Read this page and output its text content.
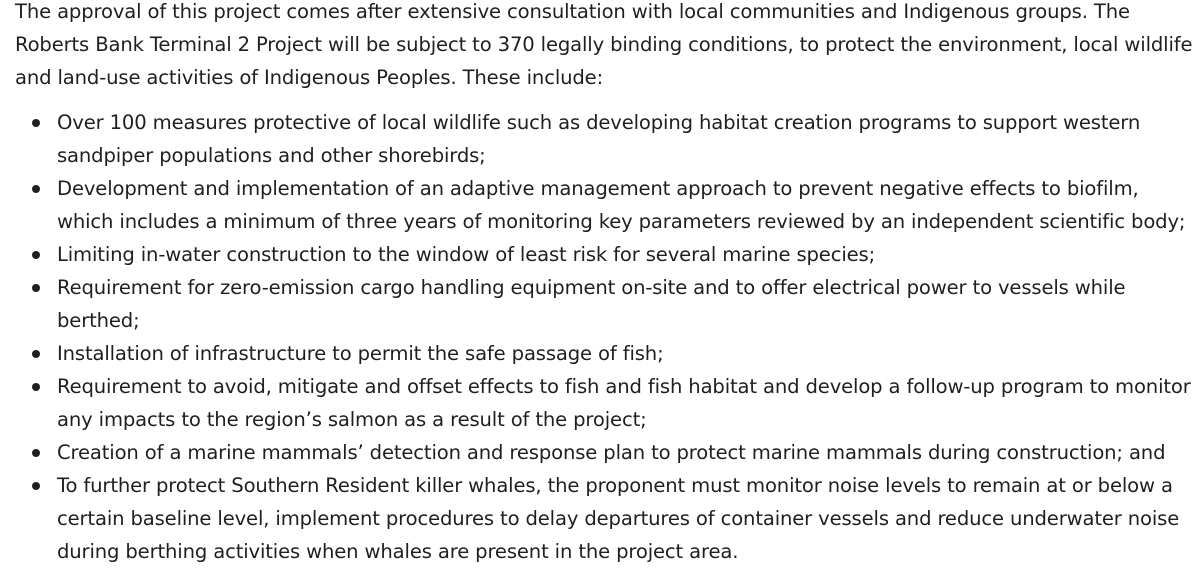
The approval of this project comes after extensive consultation with local communities and Indigenous groups. The Roberts Bank Terminal 2 Project will be subject to 370 legally binding conditions, to protect the environment, local wildlife and land-use activities of Indigenous Peoples. These include:

Over 100 measures protective of local wildlife such as developing habitat creation programs to support western sandpiper populations and other shorebirds;
Development and implementation of an adaptive management approach to prevent negative effects to biofilm, which includes a minimum of three years of monitoring key parameters reviewed by an independent scientific body;
Limiting in-water construction to the window of least risk for several marine species;
Requirement for zero-emission cargo handling equipment on-site and to offer electrical power to vessels while berthed;
Installation of infrastructure to permit the safe passage of fish;
Requirement to avoid, mitigate and offset effects to fish and fish habitat and develop a follow-up program to monitor any impacts to the region’s salmon as a result of the project;
Creation of a marine mammals’ detection and response plan to protect marine mammals during construction; and
To further protect Southern Resident killer whales, the proponent must monitor noise levels to remain at or below a certain baseline level, implement procedures to delay departures of container vessels and reduce underwater noise during berthing activities when whales are present in the project area.
